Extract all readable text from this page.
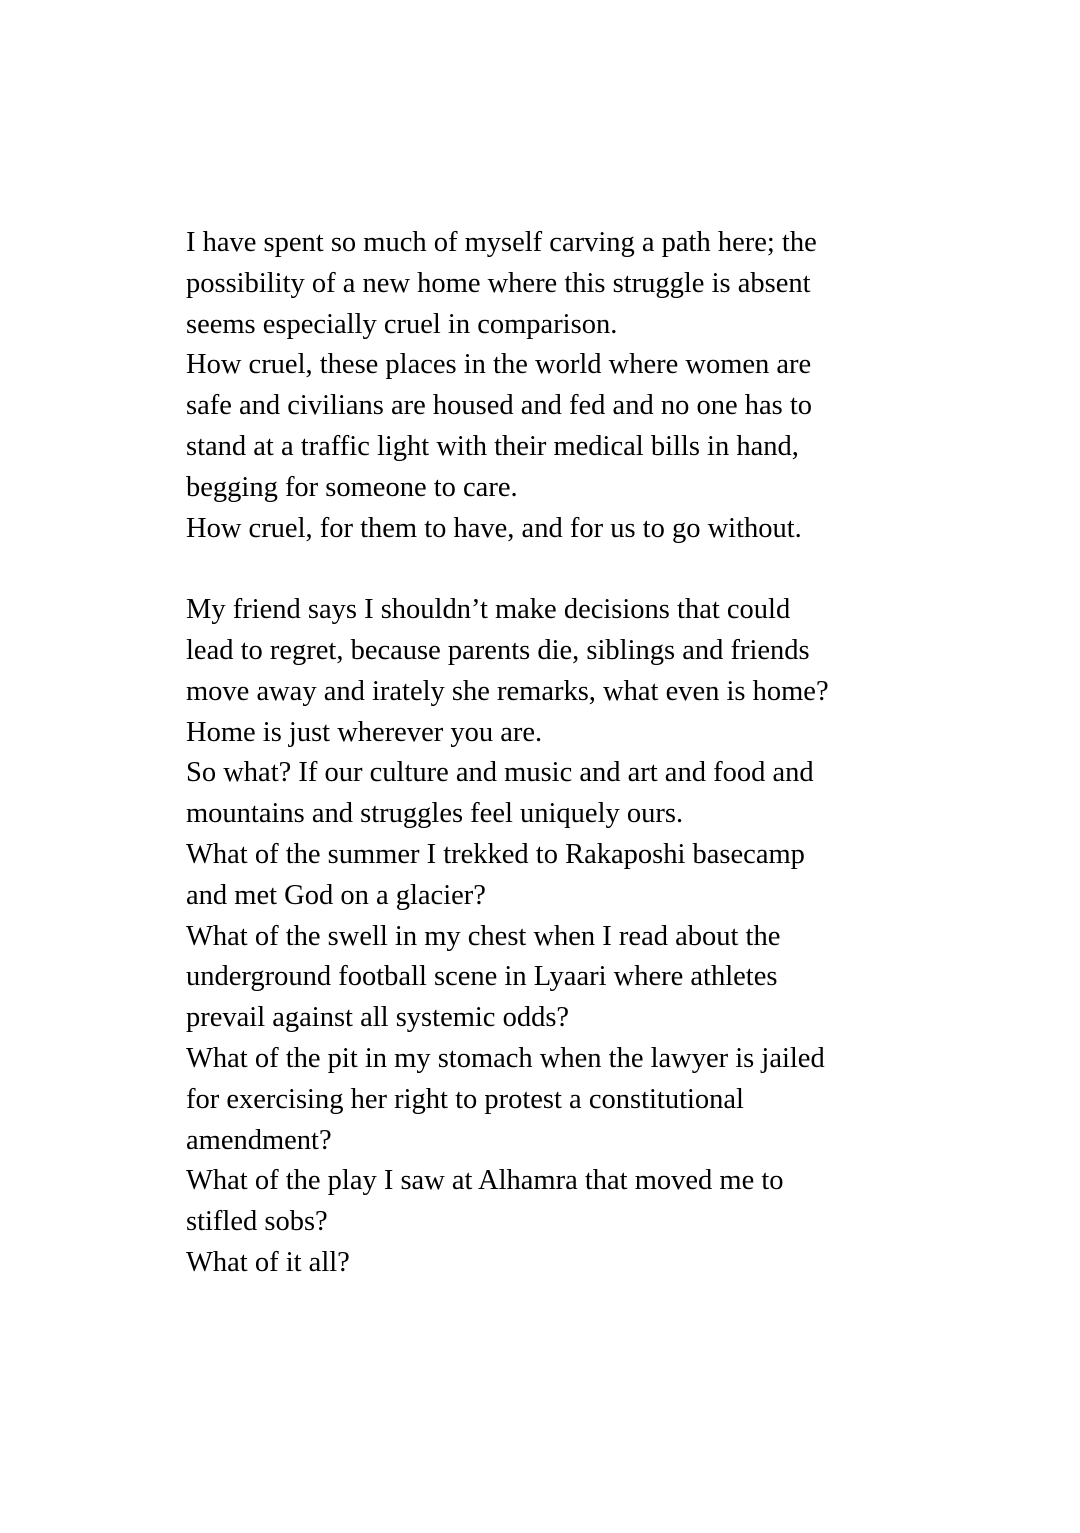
I have spent so much of myself carving a path here; the
possibility of a new home where this struggle is absent
seems especially cruel in comparison.
How cruel, these places in the world where women are
safe and civilians are housed and fed and no one has to
stand at a traffic light with their medical bills in hand,
begging for someone to care.
How cruel, for them to have, and for us to go without.
My friend says I shouldn’t make decisions that could
lead to regret, because parents die, siblings and friends
move away and irately she remarks, what even is home?
Home is just wherever you are.
So what? If our culture and music and art and food and
mountains and struggles feel uniquely ours.
What of the summer I trekked to Rakaposhi basecamp
and met God on a glacier?
What of the swell in my chest when I read about the
underground football scene in Lyaari where athletes
prevail against all systemic odds?
What of the pit in my stomach when the lawyer is jailed
for exercising her right to protest a constitutional
amendment?
What of the play I saw at Alhamra that moved me to
stifled sobs?
What of it all?
